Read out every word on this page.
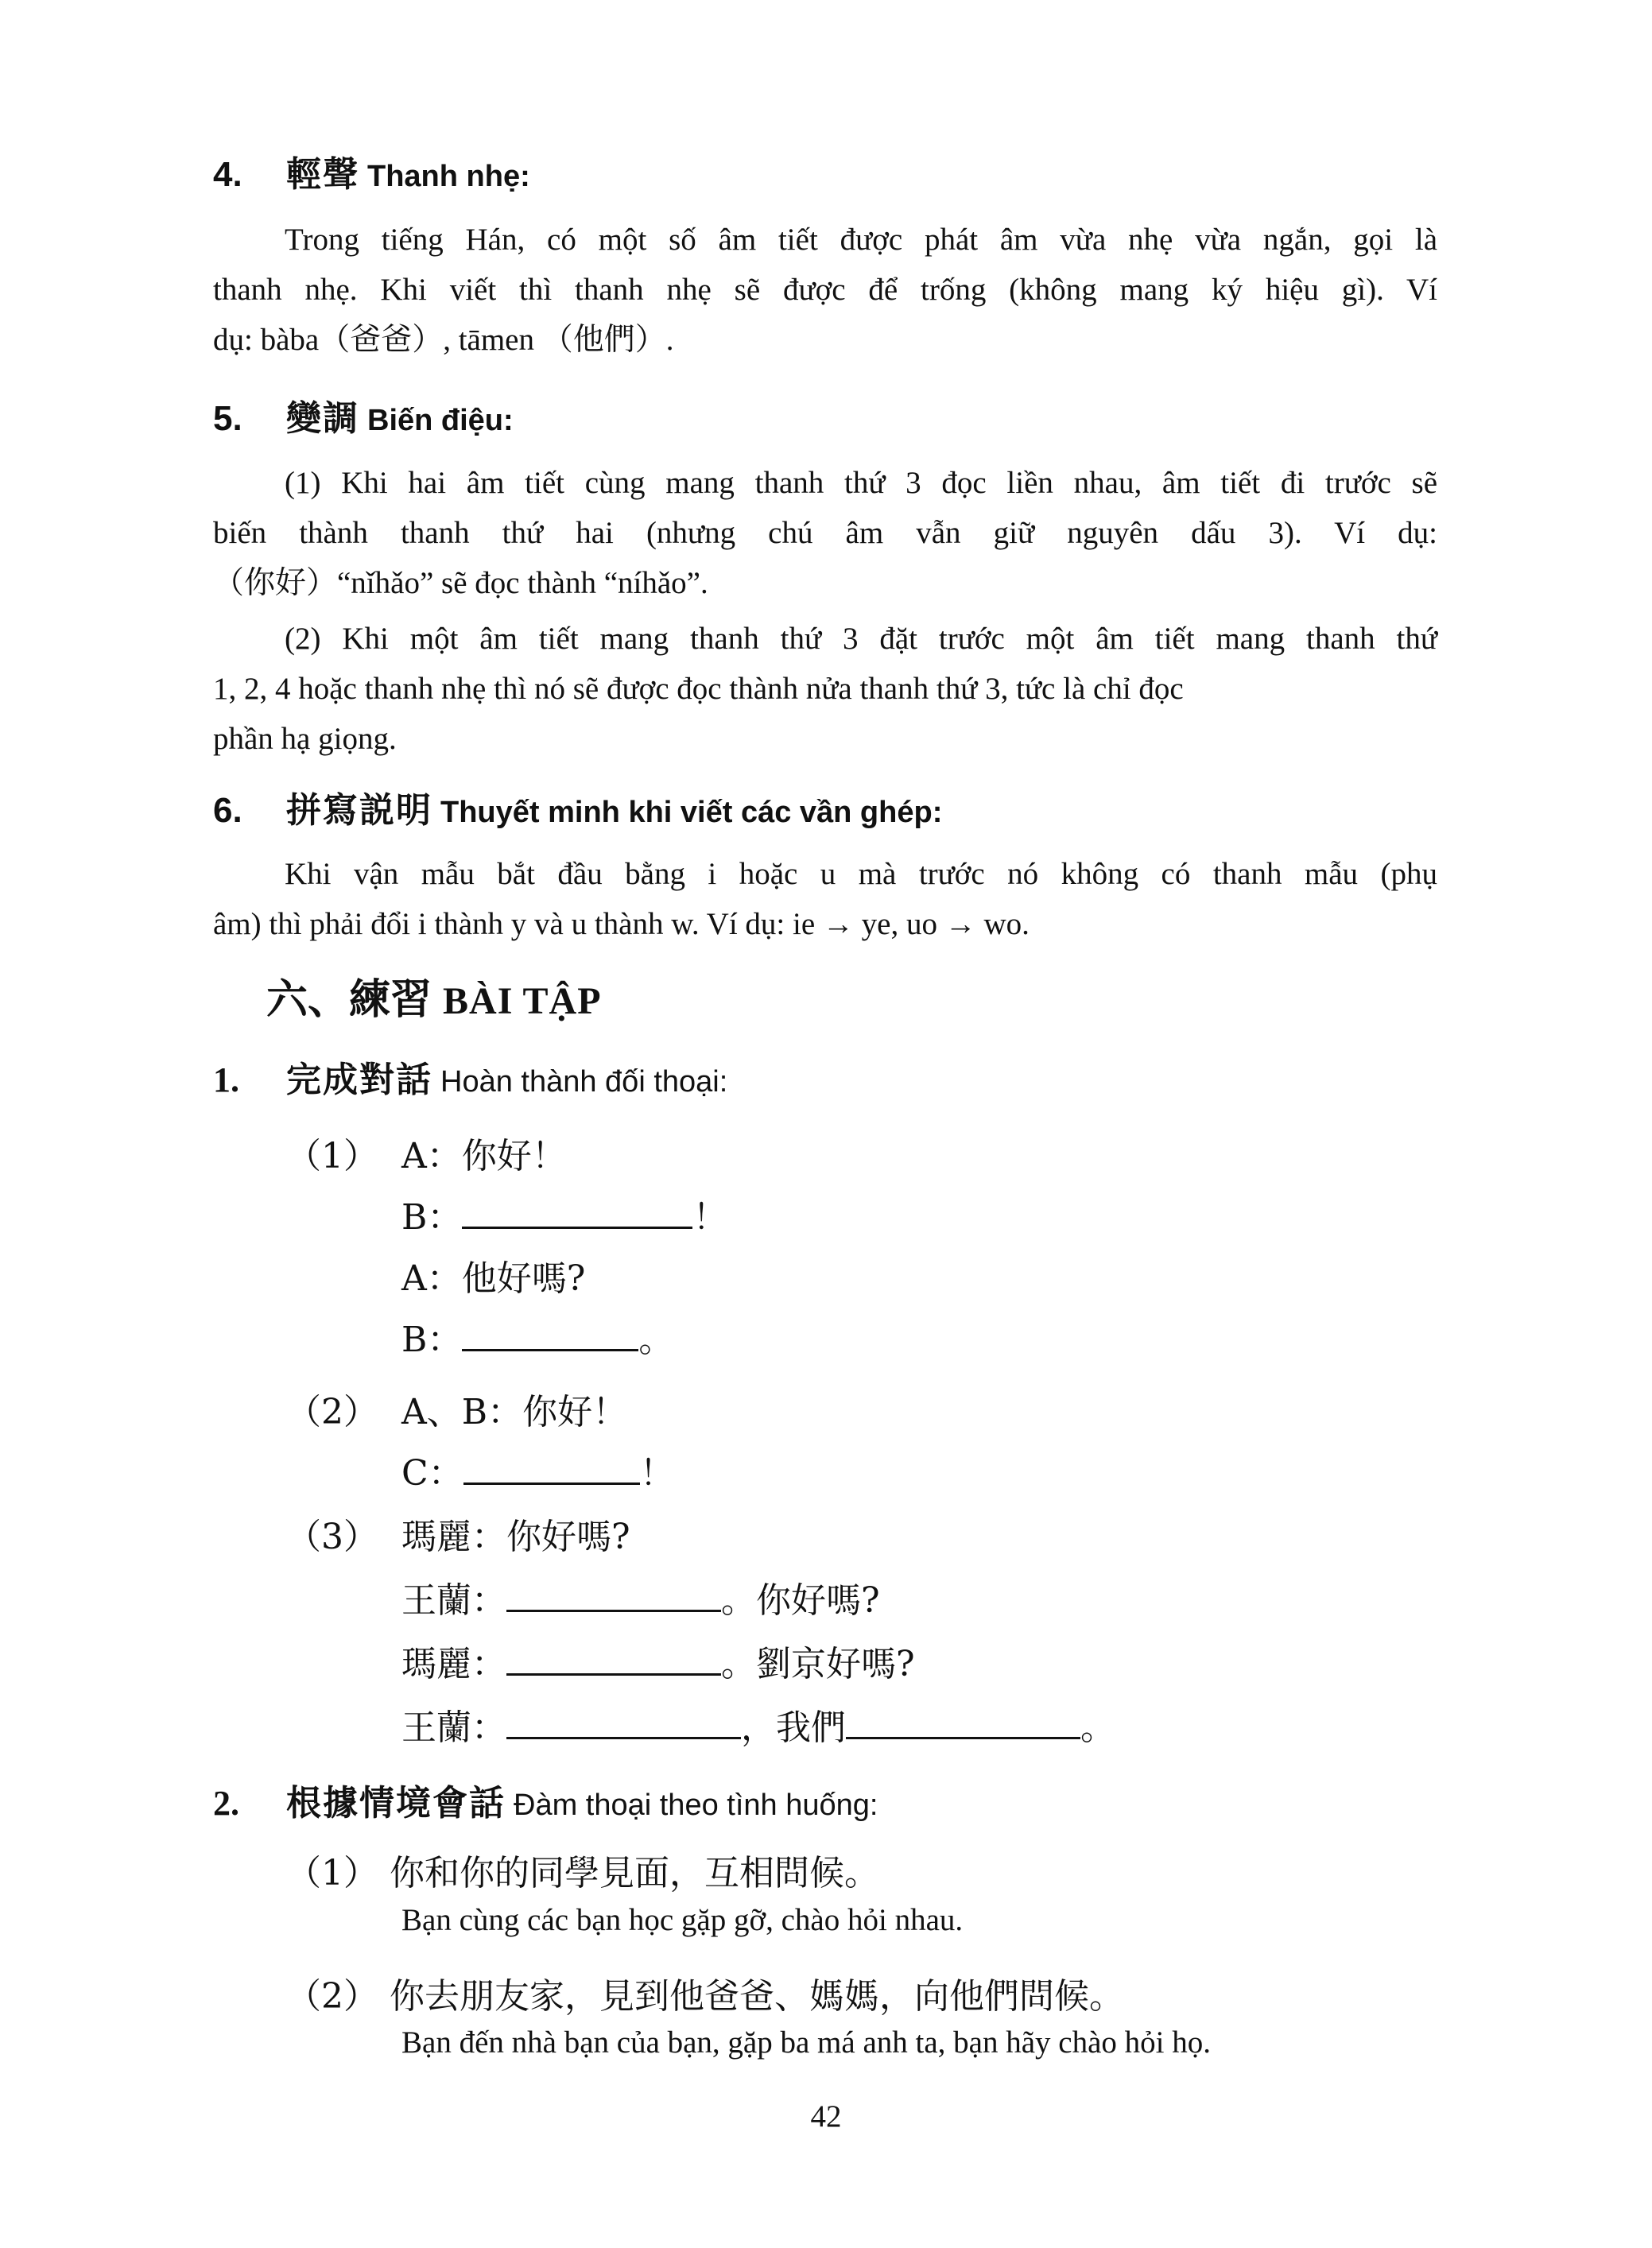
4. 輕聲 Thanh nhẹ:
Trong tiếng Hán, có một số âm tiết được phát âm vừa nhẹ vừa ngắn, gọi là
thanh nhẹ. Khi viết thì thanh nhẹ sẽ được để trống (không mang ký hiệu gì). Ví
dụ: bàba（爸爸）, tāmen （他們）.
5. 變調 Biến điệu:
(1) Khi hai âm tiết cùng mang thanh thứ 3 đọc liền nhau, âm tiết đi trước sẽ
biến thành thanh thứ hai (nhưng chú âm vẫn giữ nguyên dấu 3). Ví dụ:
（你好）“nǐhǎo” sẽ đọc thành “níhǎo”.
(2) Khi một âm tiết mang thanh thứ 3 đặt trước một âm tiết mang thanh thứ
1, 2, 4 hoặc thanh nhẹ thì nó sẽ được đọc thành nửa thanh thứ 3, tức là chỉ đọc
phần hạ giọng.
6. 拼寫説明 Thuyết minh khi viết các vần ghép:
Khi vận mẫu bắt đầu bằng i hoặc u mà trước nó không có thanh mẫu (phụ
âm) thì phải đổi i thành y và u thành w. Ví dụ: ie → ye, uo → wo.
六、練習 BÀI TẬP
1. 完成對話 Hoàn thành đối thoại:
（1） A：你好！
B：	！
A：他好嗎?
B：	。
（2） A、B：你好！
C：	！
（3） 瑪麗：你好嗎?
王蘭：	。你好嗎?
瑪麗：	。劉京好嗎?
王蘭：	，我們	。
2. 根據情境會話 Đàm thoại theo tình huống:
（1） 你和你的同學見面，互相問候。
Bạn cùng các bạn học gặp gỡ, chào hỏi nhau.
（2） 你去朋友家，見到他爸爸、媽媽，向他們問候。
Bạn đến nhà bạn của bạn, gặp ba má anh ta, bạn hãy chào hỏi họ.
42
